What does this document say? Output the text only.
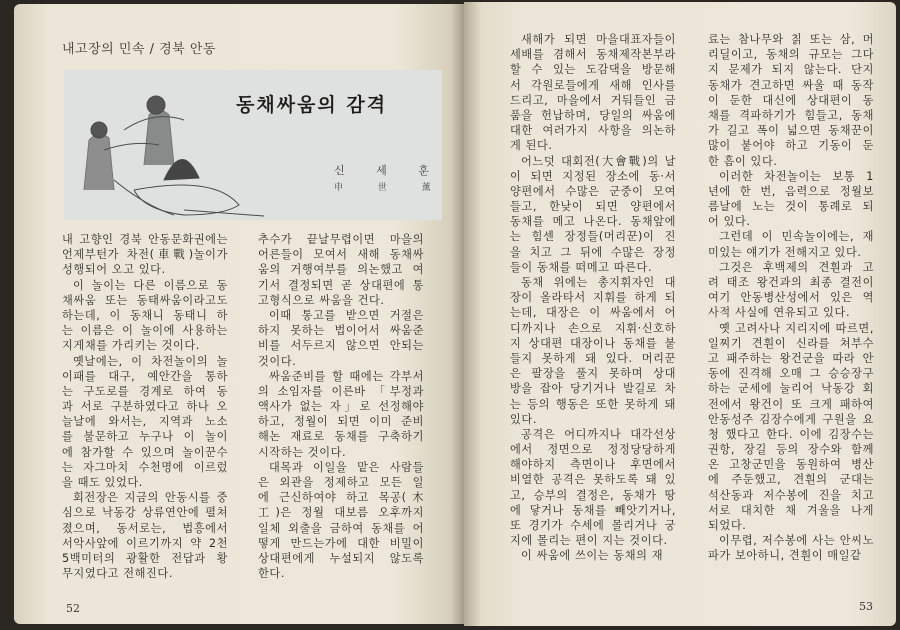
내고장의 민속 / 경북 안동
동채싸움의 감격
신 세 훈
申 世 薰
내 고향인 경북 안동문화권에는
언제부턴가 차전(車戰)놀이가
성행되어 오고 있다.
이 놀이는 다른 이름으로 동
채싸움 또는 동태싸움이라고도
하는데, 이 동채니 동태니 하
는 이름은 이 놀이에 사용하는
지게채를 가리키는 것이다.
옛날에는, 이 차전놀이의 놀
이패를 대구, 예안간을 통하
는 구도로를 경계로 하여 동
과 서로 구분하였다고 하나 오
늘날에 와서는, 지역과 노소
를 불문하고 누구나 이 놀이
에 참가할 수 있으며 놀이꾼수
는 자그마치 수천명에 이르렀
을 때도 있었다.
회전장은 지금의 안동시를 중
심으로 낙동강 상류연안에 펼쳐
졌으며, 동서로는, 법흥에서
서악사앞에 이르기까지 약 2천
5백미터의 광활한 전답과 황
무지였다고 전해진다.
추수가 끝날무렵이면 마을의
어른들이 모여서 새해 동채싸
움의 거행여부를 의논했고 여
기서 결정되면 곧 상대편에 통
고형식으로 싸움을 건다.
이때 통고를 받으면 거절은
하지 못하는 법이어서 싸움준
비를 서두르지 않으면 안되는
것이다.
싸움준비를 할 때에는 각부서
의 소임자를 이른바 「부정과
액사가 없는 자」로 선정해야
하고, 정월이 되면 이미 준비
해논 재료로 동채를 구축하기
시작하는 것이다.
대목과 이일을 맡은 사람들
은 외관을 정제하고 모든 일
에 근신하여야 하고 목공(木
工)은 정월 대보름 오후까지
일체 외출을 금하여 동채를 어
떻게 만드는가에 대한 비밀이
상대편에게 누설되지 않도록
한다.
52
새해가 되면 마을대표자들이
세배를 겸해서 동채제작본부라
할 수 있는 도감댁을 방문해
서 각원로들에게 새해 인사를
드리고, 마을에서 거둬들인 금
품을 헌납하며, 당일의 싸움에
대한 여러가지 사항을 의논하
게 된다.
어느덧 대회전(大會戰)의 날
이 되면 지정된 장소에 동·서
양편에서 수많은 군중이 모여
들고, 한낮이 되면 양편에서
동채를 메고 나온다. 동채앞에
는 힘센 장정들(머리꾼)이 진
을 치고 그 뒤에 수많은 장정
들이 동채를 떠메고 따른다.
동채 위에는 총지휘자인 대
장이 올라타서 지휘를 하게 되
는데, 대장은 이 싸움에서 어
디까지나 손으로 지휘·신호하
지 상대편 대장이나 동채를 붙
들지 못하게 돼 있다. 머리꾼
은 팔장을 풀지 못하며 상대
방을 잡아 당기거나 발길로 차
는 등의 행동은 또한 못하게 돼
있다.
공격은 어디까지나 대각선상
에서 정면으로 정정당당하게
해야하지 측면이나 후면에서
비열한 공격은 못하도록 돼 있
고, 승부의 결정은, 동채가 땅
에 닿거나 동채를 빼앗기거나,
또 경기가 수세에 몰리거나 궁
지에 몰리는 편이 지는 것이다.
이 싸움에 쓰이는 동채의 재
료는 참나무와 칡 또는 삼, 머
리딜이고, 동채의 규모는 그다
지 문제가 되지 않는다. 단지
동채가 견고하면 싸울 때 동작
이 둔한 대신에 상대편이 동
채를 격파하기가 힘들고, 동채
가 길고 폭이 넓으면 동채꾼이
많이 붙어야 하고 기동이 둔
한 흠이 있다.
이러한 차전놀이는 보통 1
년에 한 번, 음력으로 정월보
름날에 노는 것이 통례로 되
어 있다.
그런데 이 민속놀이에는, 재
미있는 얘기가 전해지고 있다.
그것은 후백제의 견훤과 고
려 태조 왕건과의 최종 결전이
여기 안동병산성에서 있은 역
사적 사실에 연유되고 있다.
옛 고려사나 지리지에 따르면,
일찌기 견훤이 신라를 쳐부수
고 패주하는 왕건군을 따라 안
동에 진격해 오매 그 승승장구
하는 군세에 눌리어 낙동강 회
전에서 왕건이 또 크게 패하여
안동성주 김장수에게 구원을 요
청 했다고 한다. 이에 김장수는
권항, 장길 등의 장수와 함께
온 고창군민을 동원하여 병산
에 주둔했고, 견훤의 군대는
석산동과 저수봉에 진을 치고
서로 대치한 채 겨울을 나게
되었다.
이무렵, 저수봉에 사는 안씨노
파가 보아하니, 견훤이 매일같
53
